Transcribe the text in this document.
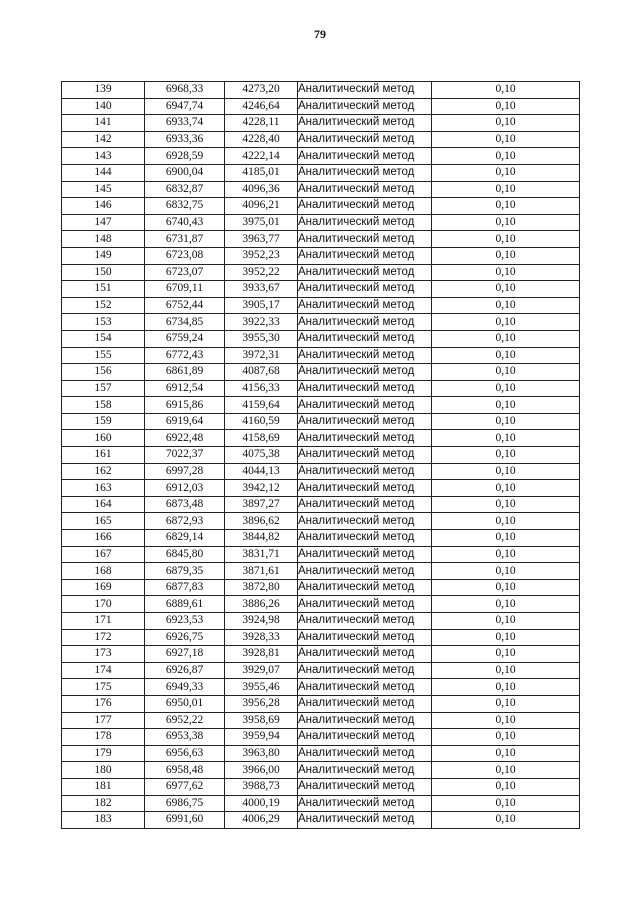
79
139	6968,33	4273,20	Аналитический метод	0,10
140	6947,74	4246,64	Аналитический метод	0,10
141	6933,74	4228,11	Аналитический метод	0,10
142	6933,36	4228,40	Аналитический метод	0,10
143	6928,59	4222,14	Аналитический метод	0,10
144	6900,04	4185,01	Аналитический метод	0,10
145	6832,87	4096,36	Аналитический метод	0,10
146	6832,75	4096,21	Аналитический метод	0,10
147	6740,43	3975,01	Аналитический метод	0,10
148	6731,87	3963,77	Аналитический метод	0,10
149	6723,08	3952,23	Аналитический метод	0,10
150	6723,07	3952,22	Аналитический метод	0,10
151	6709,11	3933,67	Аналитический метод	0,10
152	6752,44	3905,17	Аналитический метод	0,10
153	6734,85	3922,33	Аналитический метод	0,10
154	6759,24	3955,30	Аналитический метод	0,10
155	6772,43	3972,31	Аналитический метод	0,10
156	6861,89	4087,68	Аналитический метод	0,10
157	6912,54	4156,33	Аналитический метод	0,10
158	6915,86	4159,64	Аналитический метод	0,10
159	6919,64	4160,59	Аналитический метод	0,10
160	6922,48	4158,69	Аналитический метод	0,10
161	7022,37	4075,38	Аналитический метод	0,10
162	6997,28	4044,13	Аналитический метод	0,10
163	6912,03	3942,12	Аналитический метод	0,10
164	6873,48	3897,27	Аналитический метод	0,10
165	6872,93	3896,62	Аналитический метод	0,10
166	6829,14	3844,82	Аналитический метод	0,10
167	6845,80	3831,71	Аналитический метод	0,10
168	6879,35	3871,61	Аналитический метод	0,10
169	6877,83	3872,80	Аналитический метод	0,10
170	6889,61	3886,26	Аналитический метод	0,10
171	6923,53	3924,98	Аналитический метод	0,10
172	6926,75	3928,33	Аналитический метод	0,10
173	6927,18	3928,81	Аналитический метод	0,10
174	6926,87	3929,07	Аналитический метод	0,10
175	6949,33	3955,46	Аналитический метод	0,10
176	6950,01	3956,28	Аналитический метод	0,10
177	6952,22	3958,69	Аналитический метод	0,10
178	6953,38	3959,94	Аналитический метод	0,10
179	6956,63	3963,80	Аналитический метод	0,10
180	6958,48	3966,00	Аналитический метод	0,10
181	6977,62	3988,73	Аналитический метод	0,10
182	6986,75	4000,19	Аналитический метод	0,10
183	6991,60	4006,29	Аналитический метод	0,10
